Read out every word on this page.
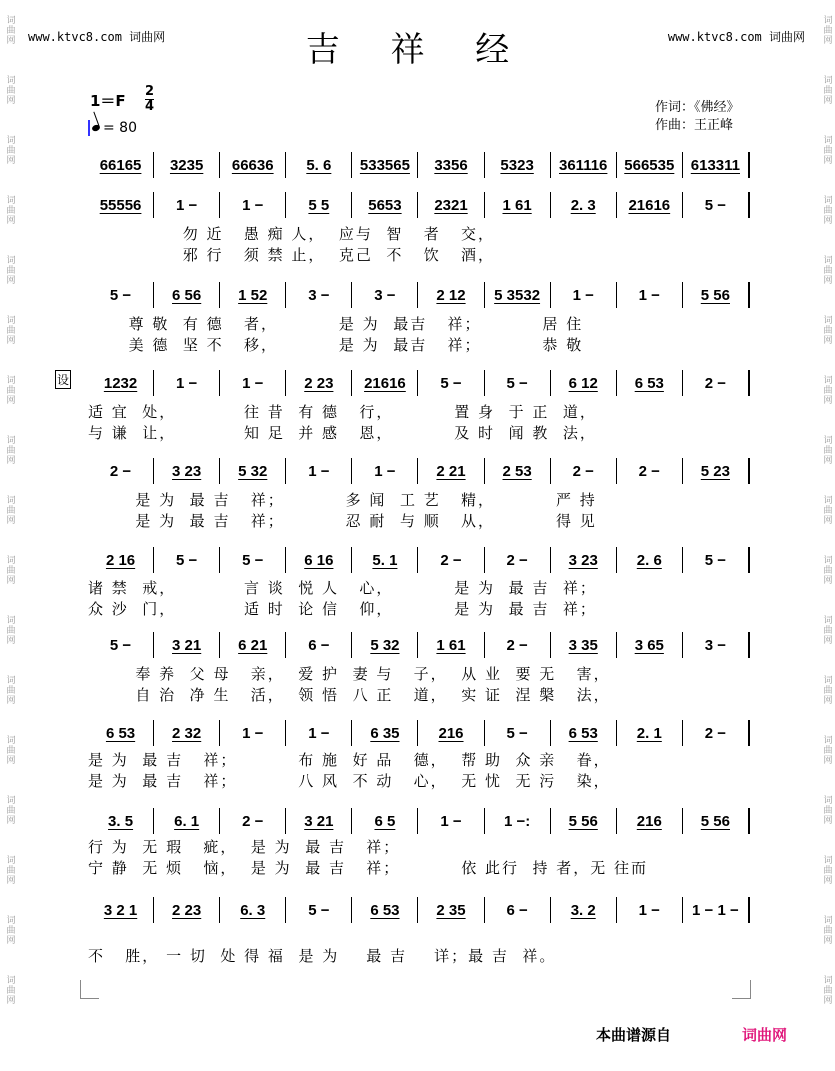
词曲网
词曲网
词曲网
词曲网
词曲网
词曲网
词曲网
词曲网
词曲网
词曲网
词曲网
词曲网
词曲网
词曲网
词曲网
词曲网
词曲网
词曲网
词曲网
词曲网
词曲网
词曲网
词曲网
词曲网
词曲网
词曲网
词曲网
词曲网
词曲网
词曲网
词曲网
词曲网
词曲网
词曲网
www.ktvc8.com 词曲网	www.ktvc8.com 词曲网
吉 祥 经
1＝F
2
4
= 80
作词：《佛经》
作曲：王正峰
设
66165	3235	66636	5. 6	533565	3356	5323	361116	566535	613311
55556	1 −	1 −	5 5	5653	2321	1 61	2. 3	21616	5 −
5 −	6 56	1 52	3 −	3 −	2 12	5 3532	1 −	1 −	5 56
1232	1 −	1 −	2 23	21616	5 −	5 −	6 12	6 53	2 −
2 −	3 23	5 32	1 −	1 −	2 21	2 53	2 −	2 −	5 23
2 16	5 −	5 −	6 16	5. 1	2 −	2 −	3 23	2. 6	5 −
5 −	3 21	6 21	6 −	5 32	1 61	2 −	3 35	3 65	3 −
6 53	2 32	1 −	1 −	6 35	216	5 −	6 53	2. 1	2 −
3. 5	6. 1	2 −	3 21	6 5	1 −	1 −:	5 56	216	5 56
3 2 1	2 23	6. 3	5 −	6 53	2 35	6 −	3. 2	1 −	1 − 1 −
勿 近   愚 痴 人，  应与  智   者   交，
邪 行   须 禁 止，  克己  不   饮   酒，
尊 敬  有 德   者，         是 为  最吉   祥；         居 住
美 德  坚 不   移，         是 为  最吉   祥；         恭 敬
适 宜  处，          往 昔  有 德   行，         置 身  于 正  道，
与 谦  让，          知 足  并 感   恩，         及 时  闻 教  法，
是 为  最 吉   祥；         多 闻  工 艺   精，         严 持
是 为  最 吉   祥；         忍 耐  与 顺   从，         得 见
诸 禁  戒，          言 谈  悦 人   心，         是 为  最 吉  祥；
众 沙  门，          适 时  论 信   仰，         是 为  最 吉  祥；
奉 养  父 母   亲，  爱 护  妻 与   子，  从 业  要 无   害，
自 治  净 生   活，  领 悟  八 正   道，  实 证  涅 槃   法，
是 为  最 吉   祥；         布 施  好 品   德，  帮 助  众 亲   眷，
是 为  最 吉   祥；         八 风  不 动   心，  无 忧  无 污   染，
行 为  无 瑕   疵，  是 为  最 吉   祥；
宁 静  无 烦   恼，  是 为  最 吉   祥；         依 此行  持 者，无 往而
不   胜， 一 切  处 得 福  是 为    最 吉    详；最 吉  祥。
本曲谱源自	词曲网
